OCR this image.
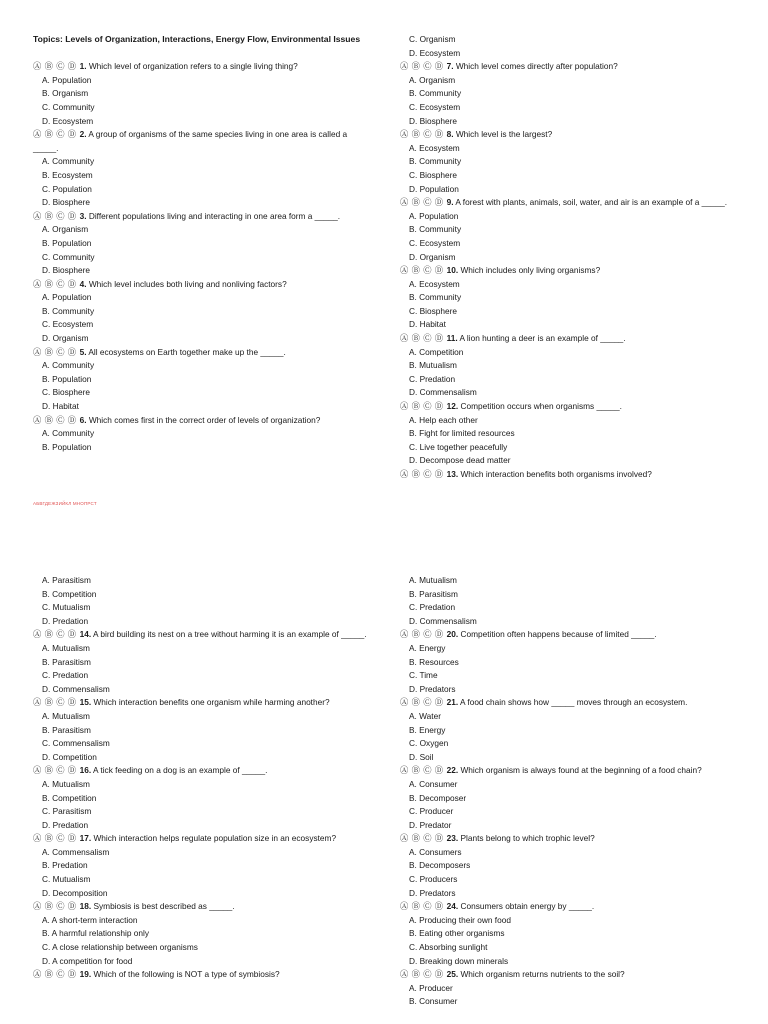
Topics: Levels of Organization, Interactions, Energy Flow, Environmental Issues
Ⓐ Ⓑ Ⓒ Ⓓ 1. Which level of organization refers to a single living thing?
A. Population
B. Organism
C. Community
D. Ecosystem
Ⓐ Ⓑ Ⓒ Ⓓ 2. A group of organisms of the same species living in one area is called a _____.
A. Community
B. Ecosystem
C. Population
D. Biosphere
Ⓐ Ⓑ Ⓒ Ⓓ 3. Different populations living and interacting in one area form a _____.
A. Organism
B. Population
C. Community
D. Biosphere
Ⓐ Ⓑ Ⓒ Ⓓ 4. Which level includes both living and nonliving factors?
A. Population
B. Community
C. Ecosystem
D. Organism
Ⓐ Ⓑ Ⓒ Ⓓ 5. All ecosystems on Earth together make up the _____.
A. Community
B. Population
C. Biosphere
D. Habitat
Ⓐ Ⓑ Ⓒ Ⓓ 6. Which comes first in the correct order of levels of organization?
A. Community
B. Population
C. Organism
D. Ecosystem
Ⓐ Ⓑ Ⓒ Ⓓ 7. Which level comes directly after population?
A. Organism
B. Community
C. Ecosystem
D. Biosphere
Ⓐ Ⓑ Ⓒ Ⓓ 8. Which level is the largest?
A. Ecosystem
B. Community
C. Biosphere
D. Population
Ⓐ Ⓑ Ⓒ Ⓓ 9. A forest with plants, animals, soil, water, and air is an example of a _____.
A. Population
B. Community
C. Ecosystem
D. Organism
Ⓐ Ⓑ Ⓒ Ⓓ 10. Which includes only living organisms?
A. Ecosystem
B. Community
C. Biosphere
D. Habitat
Ⓐ Ⓑ Ⓒ Ⓓ 11. A lion hunting a deer is an example of _____.
A. Competition
B. Mutualism
C. Predation
D. Commensalism
Ⓐ Ⓑ Ⓒ Ⓓ 12. Competition occurs when organisms _____.
A. Help each other
B. Fight for limited resources
C. Live together peacefully
D. Decompose dead matter
Ⓐ Ⓑ Ⓒ Ⓓ 13. Which interaction benefits both organisms involved?
АБВГДЕЖЗИЙКЛ МНОПРСТ
A. Parasitism
B. Competition
C. Mutualism
D. Predation
Ⓐ Ⓑ Ⓒ Ⓓ 14. A bird building its nest on a tree without harming it is an example of _____.
A. Mutualism
B. Parasitism
C. Predation
D. Commensalism
Ⓐ Ⓑ Ⓒ Ⓓ 15. Which interaction benefits one organism while harming another?
A. Mutualism
B. Parasitism
C. Commensalism
D. Competition
Ⓐ Ⓑ Ⓒ Ⓓ 16. A tick feeding on a dog is an example of _____.
A. Mutualism
B. Competition
C. Parasitism
D. Predation
Ⓐ Ⓑ Ⓒ Ⓓ 17. Which interaction helps regulate population size in an ecosystem?
A. Commensalism
B. Predation
C. Mutualism
D. Decomposition
Ⓐ Ⓑ Ⓒ Ⓓ 18. Symbiosis is best described as _____.
A. A short-term interaction
B. A harmful relationship only
C. A close relationship between organisms
D. A competition for food
Ⓐ Ⓑ Ⓒ Ⓓ 19. Which of the following is NOT a type of symbiosis?
A. Mutualism
B. Parasitism
C. Predation
D. Commensalism
Ⓐ Ⓑ Ⓒ Ⓓ 20. Competition often happens because of limited _____.
A. Energy
B. Resources
C. Time
D. Predators
Ⓐ Ⓑ Ⓒ Ⓓ 21. A food chain shows how _____ moves through an ecosystem.
A. Water
B. Energy
C. Oxygen
D. Soil
Ⓐ Ⓑ Ⓒ Ⓓ 22. Which organism is always found at the beginning of a food chain?
A. Consumer
B. Decomposer
C. Producer
D. Predator
Ⓐ Ⓑ Ⓒ Ⓓ 23. Plants belong to which trophic level?
A. Consumers
B. Decomposers
C. Producers
D. Predators
Ⓐ Ⓑ Ⓒ Ⓓ 24. Consumers obtain energy by _____.
A. Producing their own food
B. Eating other organisms
C. Absorbing sunlight
D. Breaking down minerals
Ⓐ Ⓑ Ⓒ Ⓓ 25. Which organism returns nutrients to the soil?
A. Producer
B. Consumer
